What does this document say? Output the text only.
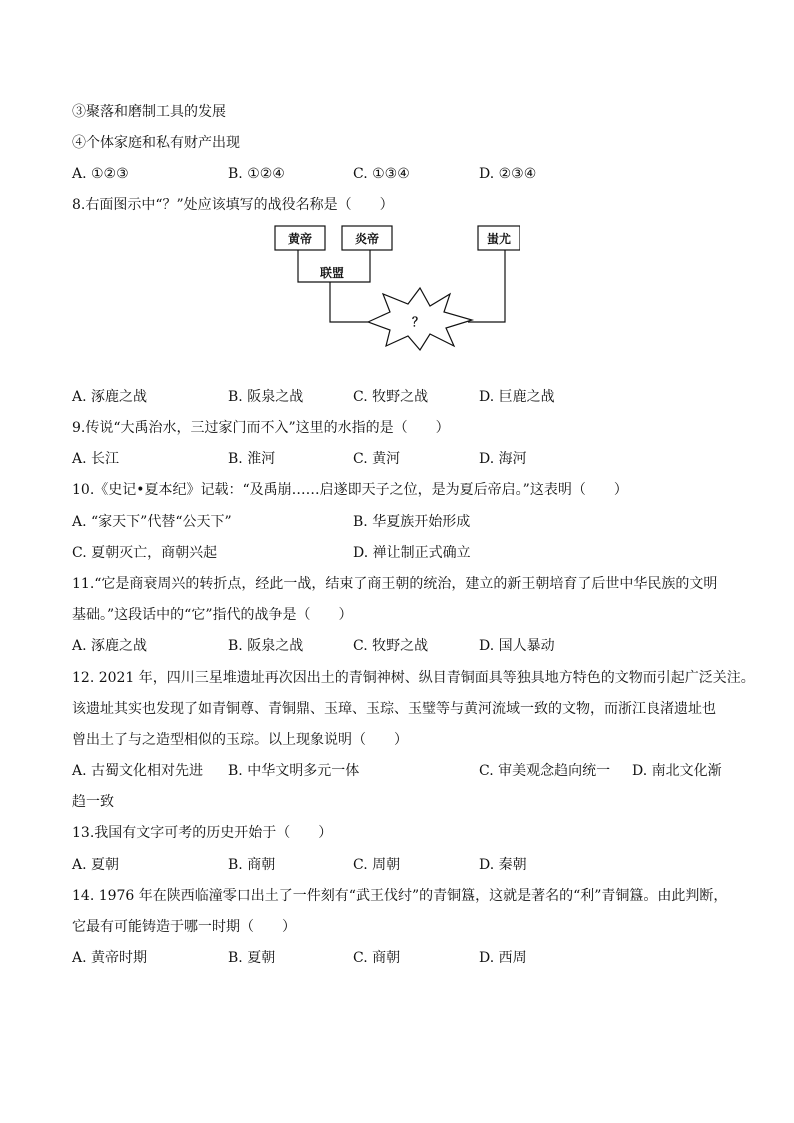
③聚落和磨制工具的发展
④个体家庭和私有财产出现
A. ①②③	B. ①②④	C. ①③④	D. ②③④
8.右面图示中“？”处应该填写的战役名称是（　　）
黄帝	炎帝	蚩尤
联盟
？
A. 涿鹿之战	B. 阪泉之战	C. 牧野之战	D. 巨鹿之战
9.传说“大禹治水，三过家门而不入”这里的水指的是（　　）
A. 长江	B. 淮河	C. 黄河	D. 海河
10.《史记•夏本纪》记载：“及禹崩……启遂即天子之位，是为夏后帝启。”这表明（　　）
A. “家天下”代替“公天下”	B. 华夏族开始形成
C. 夏朝灭亡，商朝兴起	D. 禅让制正式确立
11.“它是商衰周兴的转折点，经此一战，结束了商王朝的统治，建立的新王朝培育了后世中华民族的文明
基础。”这段话中的“它”指代的战争是（　　）
A. 涿鹿之战	B. 阪泉之战	C. 牧野之战	D. 国人暴动
12. 2021 年，四川三星堆遗址再次因出土的青铜神树、纵目青铜面具等独具地方特色的文物而引起广泛关注。
该遗址其实也发现了如青铜尊、青铜鼎、玉璋、玉琮、玉璧等与黄河流域一致的文物，而浙江良渚遗址也
曾出土了与之造型相似的玉琮。以上现象说明（　　）
A. 古蜀文化相对先进 B. 中华文明多元一体	C. 审美观念趋向统一 D. 南北文化渐
趋一致
13.我国有文字可考的历史开始于（　　）
A. 夏朝	B. 商朝	C. 周朝	D. 秦朝
14. 1976 年在陕西临潼零口出土了一件刻有“武王伐纣”的青铜簋，这就是著名的“利”青铜簋。由此判断，
它最有可能铸造于哪一时期（　　）
A. 黄帝时期	B. 夏朝	C. 商朝	D. 西周
